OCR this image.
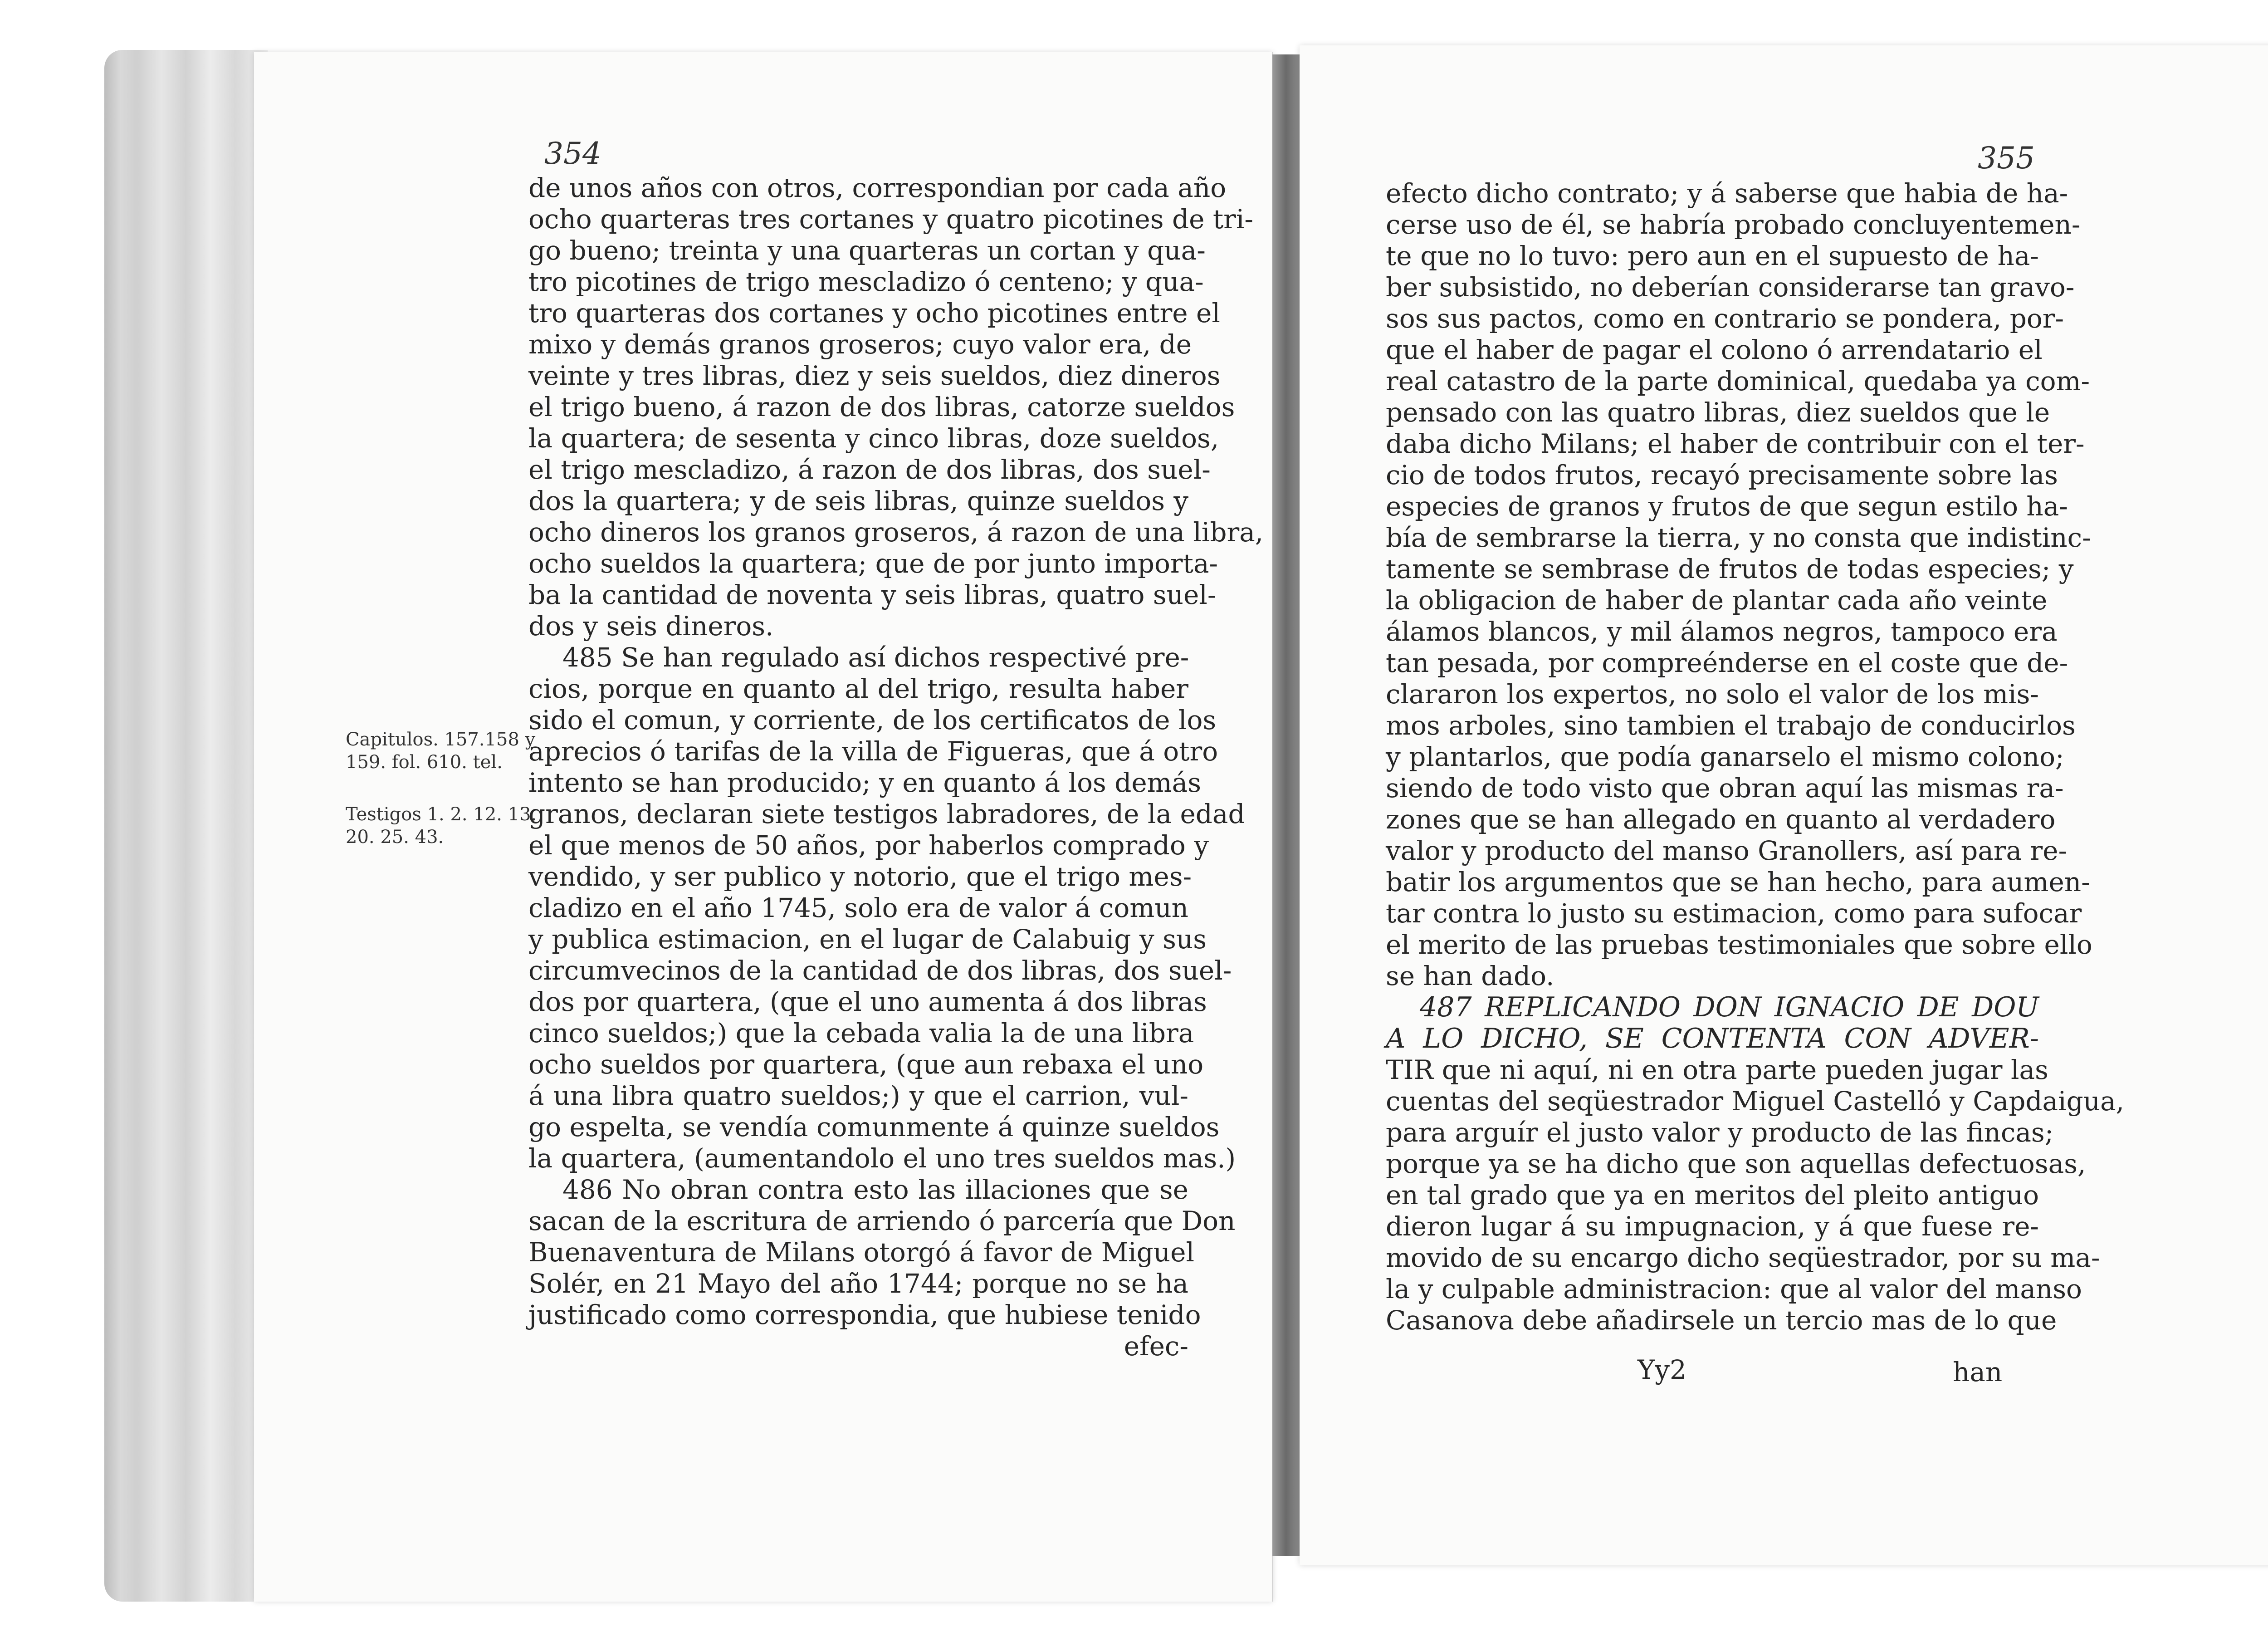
354
Capitulos. 157.158 y
159. fol. 610. tel.
Testigos 1. 2. 12. 13.
20. 25. 43.
de unos años con otros, correspondian por cada año
ocho quarteras tres cortanes y quatro picotines de tri-
go bueno; treinta y una quarteras un cortan y qua-
tro picotines de trigo mescladizo ó centeno; y qua-
tro quarteras dos cortanes y ocho picotines entre el
mixo y demás granos groseros; cuyo valor era, de
veinte y tres libras, diez y seis sueldos, diez dineros
el trigo bueno, á razon de dos libras, catorze sueldos
la quartera; de sesenta y cinco libras, doze sueldos,
el trigo mescladizo, á razon de dos libras, dos suel-
dos la quartera; y de seis libras, quinze sueldos y
ocho dineros los granos groseros, á razon de una libra,
ocho sueldos la quartera; que de por junto importa-
ba la cantidad de noventa y seis libras, quatro suel-
dos y seis dineros.
485 Se han regulado así dichos respectivé pre-
cios, porque en quanto al del trigo, resulta haber
sido el comun, y corriente, de los certificatos de los
aprecios ó tarifas de la villa de Figueras, que á otro
intento se han producido; y en quanto á los demás
granos, declaran siete testigos labradores, de la edad
el que menos de 50 años, por haberlos comprado y
vendido, y ser publico y notorio, que el trigo mes-
cladizo en el año 1745, solo era de valor á comun
y publica estimacion, en el lugar de Calabuig y sus
circumvecinos de la cantidad de dos libras, dos suel-
dos por quartera, (que el uno aumenta á dos libras
cinco sueldos;) que la cebada valia la de una libra
ocho sueldos por quartera, (que aun rebaxa el uno
á una libra quatro sueldos;) y que el carrion, vul-
go espelta, se vendía comunmente á quinze sueldos
la quartera, (aumentandolo el uno tres sueldos mas.)
486 No obran contra esto las illaciones que se
sacan de la escritura de arriendo ó parcería que Don
Buenaventura de Milans otorgó á favor de Miguel
Solér, en 21 Mayo del año 1744; porque no se ha
justificado como correspondia, que hubiese tenido
efec-
355
efecto dicho contrato; y á saberse que habia de ha-
cerse uso de él, se habría probado concluyentemen-
te que no lo tuvo: pero aun en el supuesto de ha-
ber subsistido, no deberían considerarse tan gravo-
sos sus pactos, como en contrario se pondera, por-
que el haber de pagar el colono ó arrendatario el
real catastro de la parte dominical, quedaba ya com-
pensado con las quatro libras, diez sueldos que le
daba dicho Milans; el haber de contribuir con el ter-
cio de todos frutos, recayó precisamente sobre las
especies de granos y frutos de que segun estilo ha-
bía de sembrarse la tierra, y no consta que indistinc-
tamente se sembrase de frutos de todas especies; y
la obligacion de haber de plantar cada año veinte
álamos blancos, y mil álamos negros, tampoco era
tan pesada, por compreénderse en el coste que de-
clararon los expertos, no solo el valor de los mis-
mos arboles, sino tambien el trabajo de conducirlos
y plantarlos, que podía ganarselo el mismo colono;
siendo de todo visto que obran aquí las mismas ra-
zones que se han allegado en quanto al verdadero
valor y producto del manso Granollers, así para re-
batir los argumentos que se han hecho, para aumen-
tar contra lo justo su estimacion, como para sufocar
el merito de las pruebas testimoniales que sobre ello
se han dado.
487 REPLICANDO DON IGNACIO DE DOU
A LO DICHO, SE CONTENTA CON ADVER-
TIR que ni aquí, ni en otra parte pueden jugar las
cuentas del seqüestrador Miguel Castelló y Capdaigua,
para arguír el justo valor y producto de las fincas;
porque ya se ha dicho que son aquellas defectuosas,
en tal grado que ya en meritos del pleito antiguo
dieron lugar á su impugnacion, y á que fuese re-
movido de su encargo dicho seqüestrador, por su ma-
la y culpable administracion: que al valor del manso
Casanova debe añadirsele un tercio mas de lo que
Yy2	han
